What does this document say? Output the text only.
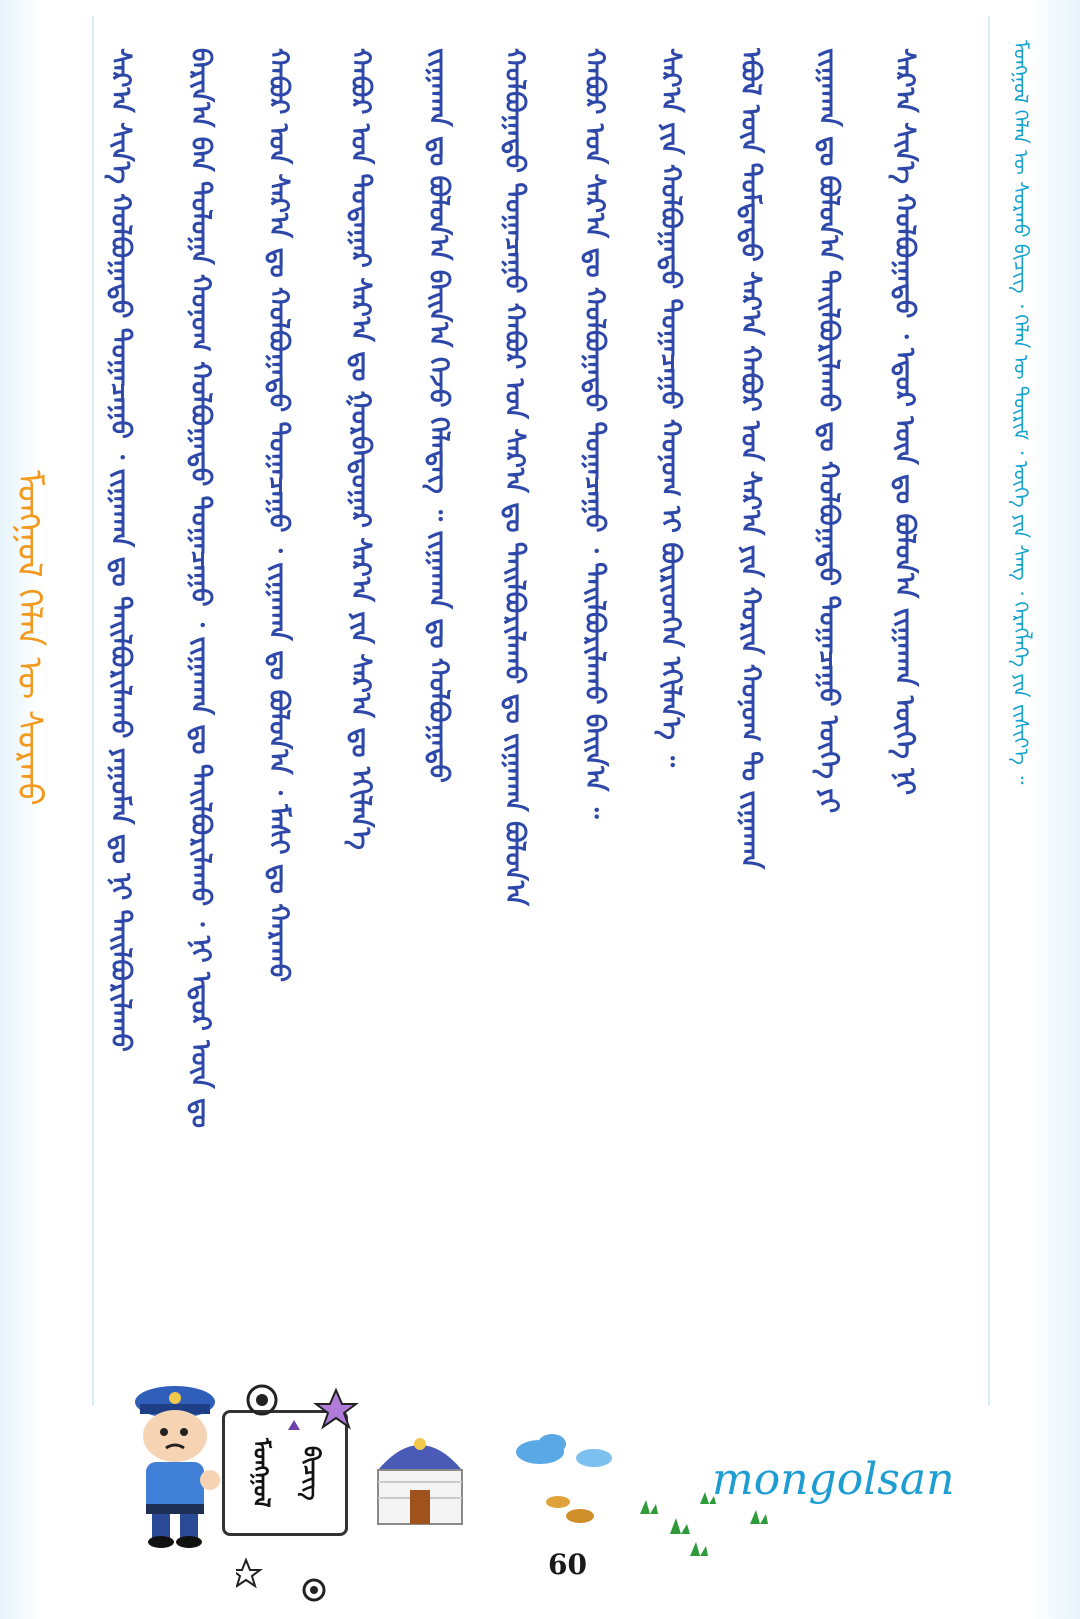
ᠮᠣᠩᠭᠣᠯ ᠬᠡᠯᠡᠨ ᠦ ᠰᠤᠷᠬᠤ	ᠰᠠᠷ᠎ᠠ ᠰᠢᠨ᠎ᠡ ᠬᠣᠯᠪᠣᠭᠠᠲᠤ ᠲᠣᠭᠠᠴᠠᠭᠤ ᠂ ᠵᠢᠭᠠᠬᠠᠨ ᠳᠤ ᠲᠠᠢᠯᠪᠤᠷᠢᠯᠠᠬᠤ ᠶᠠᠭᠤᠮᠠᠨ ᠳᠤ ᠨᠢ ᠲᠠᠢᠯᠪᠤᠷᠢᠯᠠᠬᠤ ᠪᠠᠷᠢᠨ᠎ᠠ ᠪᠠᠨ ᠳᠣᠯᠣᠭᠠ ᠬᠣᠨᠣᠭ ᠬᠣᠯᠪᠣᠭᠠᠲᠤ ᠲᠣᠭᠠᠴᠠᠭᠤ ᠂ ᠵᠢᠭᠠᠬᠠᠨ ᠳᠤ ᠲᠠᠢᠯᠪᠤᠷᠢᠯᠠᠬᠤ ᠂ ᠨᠢ ᠡᠳᠦᠷ ᠦᠨ ᠳᠤ ᠬᠠᠪᠤᠷ ᠤᠨ ᠰᠠᠷ᠎ᠠ ᠳᠤ ᠬᠣᠯᠪᠣᠭᠠᠲᠤ ᠲᠣᠭᠠᠴᠠᠭᠤ ᠂ ᠵᠢᠭᠠᠬᠠᠨ ᠳᠤ ᠪᠣᠯᠣᠨ᠎ᠠ ᠂ ᠮᠠᠰᠢ ᠳᠤ ᠬᠠᠷᠠᠬᠤ ᠬᠠᠪᠤᠷ ᠤᠨ ᠳᠤᠲᠠᠭᠠᠷ ᠰᠠᠷ᠎ᠠ ᠳᠤ ᠭᠤᠷᠪᠠᠳᠤᠭᠠᠷ ᠰᠠᠷ᠎ᠠ ᠶᠢᠨ ᠰᠠᠷ᠎ᠠ ᠳᠤ ᠡᠬᠢᠯᠡᠨ᠎ᠡ ᠵᠢᠭᠠᠬᠠᠨ ᠳᠤ ᠪᠣᠯᠣᠨ᠎ᠠ ᠪᠠᠢᠨ᠎ᠠ ᠭᠡᠵᠦ ᠬᠡᠯᠡᠳᠡᠭ ᠃ ᠵᠢᠭᠠᠬᠠᠨ ᠳᠤ ᠬᠣᠯᠪᠣᠭᠠᠲᠤ ᠬᠣᠯᠪᠣᠭᠠᠲᠤ ᠲᠣᠭᠠᠴᠠᠭᠤ ᠬᠠᠪᠤᠷ ᠤᠨ ᠰᠠᠷ᠎ᠠ ᠳᠤ ᠲᠠᠢᠯᠪᠤᠷᠢᠯᠠᠬᠤ ᠳᠤ ᠵᠢᠭᠠᠬᠠᠨ ᠪᠣᠯᠣᠨ᠎ᠠ ᠬᠠᠪᠤᠷ ᠤᠨ ᠰᠠᠷ᠎ᠠ ᠳᠤ ᠬᠣᠯᠪᠣᠭᠠᠲᠤ ᠲᠣᠭᠠᠴᠠᠭᠤ ᠂ ᠲᠠᠢᠯᠪᠤᠷᠢᠯᠠᠬᠤ ᠪᠠᠢᠨ᠎ᠠ ᠃ ᠰᠠᠷ᠎ᠠ ᠶᠢᠨ ᠬᠣᠯᠪᠣᠭᠠᠲᠤ ᠲᠣᠭᠠᠴᠠᠭᠤ ᠬᠣᠨᠣᠭ ᠢ ᠪᠦᠷᠢᠳᠬᠡᠨ ᠡᠬᠢᠯᠡᠨ᠎ᠡ ᠃ ᠡᠪᠦᠯ ᠦᠨ ᠳᠤᠮᠳᠠᠳᠤ ᠰᠠᠷ᠎ᠠ ᠬᠠᠪᠤᠷ ᠤᠨ ᠰᠠᠷ᠎ᠠ ᠶᠢᠨ ᠬᠣᠷᠢᠨ ᠬᠣᠨᠣᠭ ᠲᠤ ᠵᠢᠭᠠᠬᠠᠨ ᠵᠢᠭᠠᠬᠠᠨ ᠳᠤ ᠪᠣᠯᠣᠨ᠎ᠠ ᠲᠠᠢᠯᠪᠤᠷᠢᠯᠠᠬᠤ ᠳᠤ ᠬᠣᠯᠪᠣᠭᠠᠲᠤ ᠲᠣᠭᠠᠴᠠᠭᠤ ᠦᠭᠡ ᠶᠢ ᠰᠠᠷ᠎ᠠ ᠰᠢᠨ᠎ᠡ ᠬᠣᠯᠪᠣᠭᠠᠲᠤ ᠂ ᠡᠳᠦᠷ ᠦᠨ ᠳᠤ ᠪᠣᠯᠣᠨ᠎ᠠ ᠵᠢᠭᠠᠬᠠᠨ ᠦᠭᠡ ᠨᠢ	ᠮᠣᠩᠭᠣᠯ ᠬᠡᠯᠡᠨ ᠦ ᠰᠤᠷᠬᠤ ᠪᠢᠴᠢᠭ ᠂ ᠬᠡᠯᠡᠨ ᠦ ᠳᠦᠷᠢᠮ ᠂ ᠦᠭᠡ ᠶᠢᠨ ᠰᠠᠩ ᠂ ᠬᠡᠷᠡᠭᠯᠡᠭᠡ ᠶᠢᠨ ᠵᠢᠱᠢᠶ᠎ᠡ ᠃
ᠮᠣᠩᠭᠣᠯ	ᠪᠢᠴᠢᠭ᠌	mongolsan
60
